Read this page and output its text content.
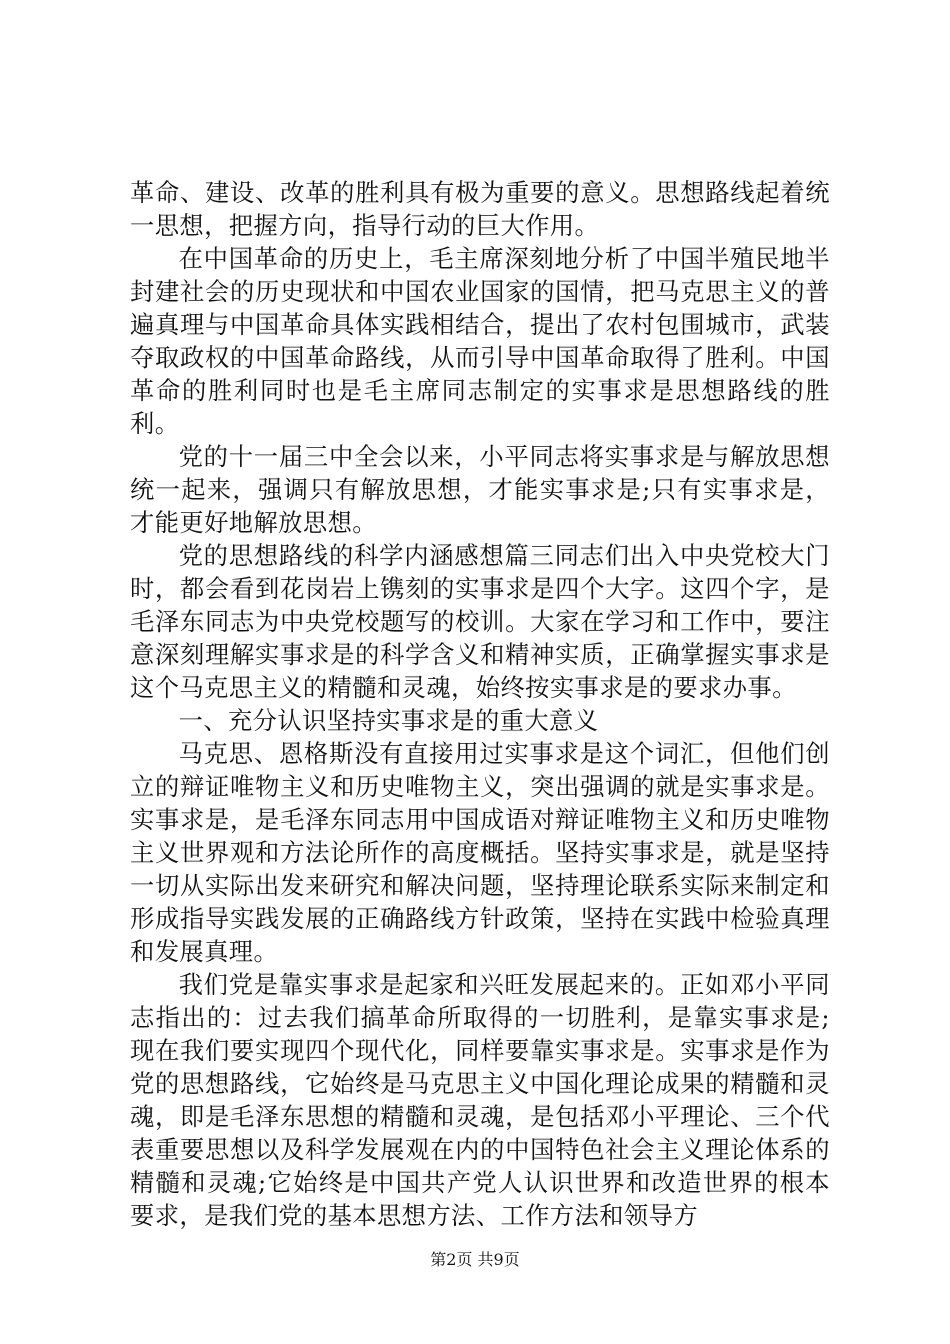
革命、建设、改革的胜利具有极为重要的意义。思想路线起着统一思想，把握方向，指导行动的巨大作用。

在中国革命的历史上，毛主席深刻地分析了中国半殖民地半封建社会的历史现状和中国农业国家的国情，把马克思主义的普遍真理与中国革命具体实践相结合，提出了农村包围城市，武装夺取政权的中国革命路线，从而引导中国革命取得了胜利。中国革命的胜利同时也是毛主席同志制定的实事求是思想路线的胜利。

党的十一届三中全会以来，小平同志将实事求是与解放思想统一起来，强调只有解放思想，才能实事求是;只有实事求是，才能更好地解放思想。

党的思想路线的科学内涵感想篇三同志们出入中央党校大门时，都会看到花岗岩上镌刻的实事求是四个大字。这四个字，是毛泽东同志为中央党校题写的校训。大家在学习和工作中，要注意深刻理解实事求是的科学含义和精神实质，正确掌握实事求是这个马克思主义的精髓和灵魂，始终按实事求是的要求办事。

一、充分认识坚持实事求是的重大意义

马克思、恩格斯没有直接用过实事求是这个词汇，但他们创立的辩证唯物主义和历史唯物主义，突出强调的就是实事求是。实事求是，是毛泽东同志用中国成语对辩证唯物主义和历史唯物主义世界观和方法论所作的高度概括。坚持实事求是，就是坚持一切从实际出发来研究和解决问题，坚持理论联系实际来制定和形成指导实践发展的正确路线方针政策，坚持在实践中检验真理和发展真理。

我们党是靠实事求是起家和兴旺发展起来的。正如邓小平同志指出的：过去我们搞革命所取得的一切胜利，是靠实事求是;现在我们要实现四个现代化，同样要靠实事求是。实事求是作为党的思想路线，它始终是马克思主义中国化理论成果的精髓和灵魂，即是毛泽东思想的精髓和灵魂，是包括邓小平理论、三个代表重要思想以及科学发展观在内的中国特色社会主义理论体系的精髓和灵魂;它始终是中国共产党人认识世界和改造世界的根本要求，是我们党的基本思想方法、工作方法和领导方

第2页 共9页
